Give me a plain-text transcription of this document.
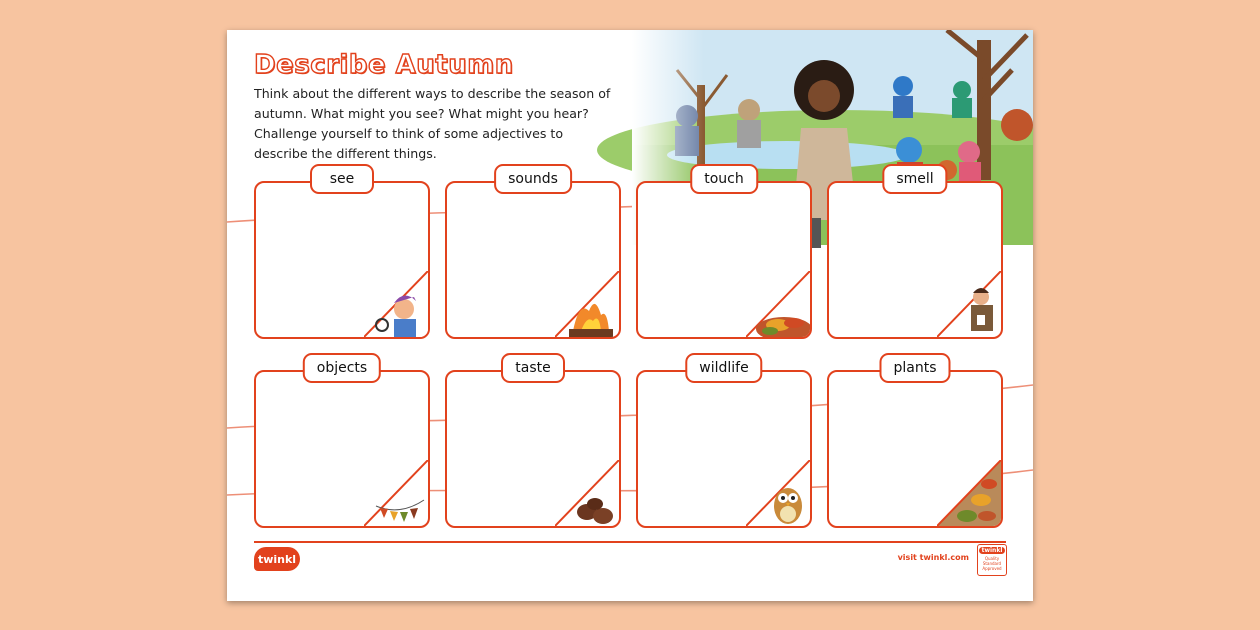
Describe Autumn

Think about the different ways to describe the season of autumn. What might you see? What might you hear? Challenge yourself to think of some adjectives to describe the different things.

see	sounds	touch	smell
objects	taste	wildlife	plants
twinkl	visit twinkl.com
twinkl
Quality Standard Approved
